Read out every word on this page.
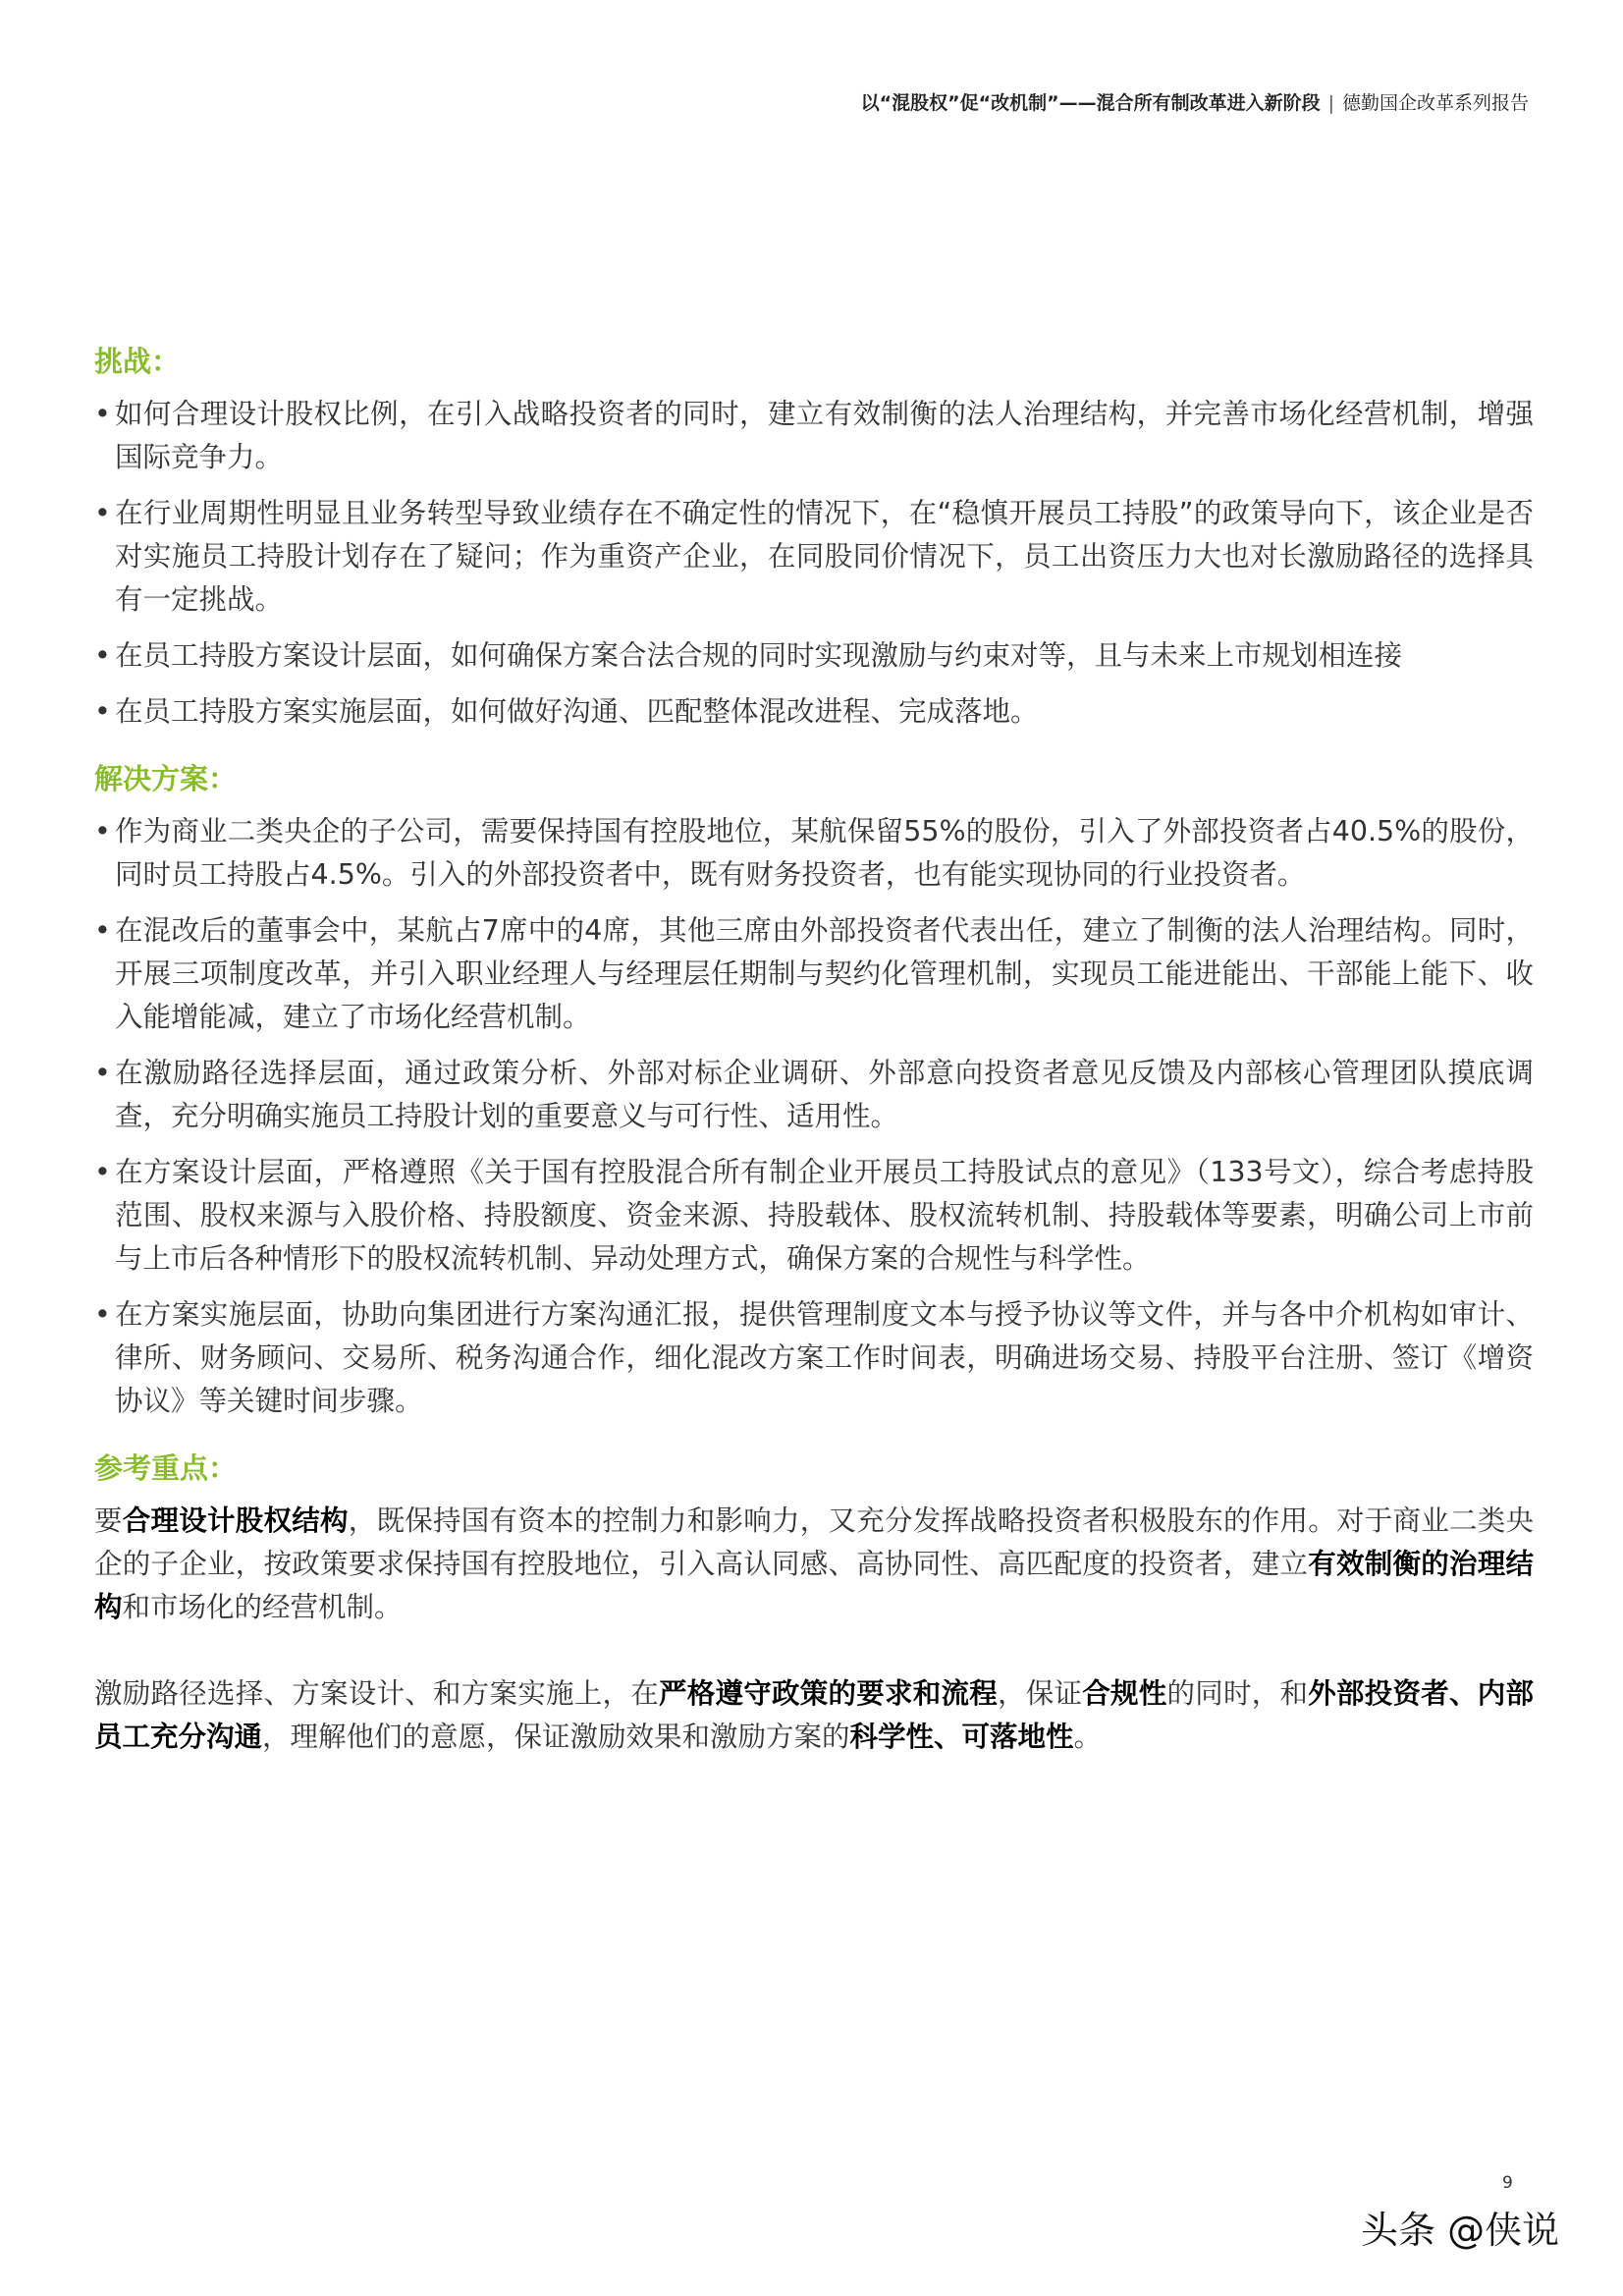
以“混股权”促“改机制”——混合所有制改革进入新阶段 | 德勤国企改革系列报告
挑战：
• 如何合理设计股权比例，在引入战略投资者的同时，建立有效制衡的法人治理结构，并完善市场化经营机制，增强国际竞争力。
• 在行业周期性明显且业务转型导致业绩存在不确定性的情况下，在“稳慎开展员工持股”的政策导向下，该企业是否对实施员工持股计划存在了疑问；作为重资产企业，在同股同价情况下，员工出资压力大也对长激励路径的选择具有一定挑战。
• 在员工持股方案设计层面，如何确保方案合法合规的同时实现激励与约束对等，且与未来上市规划相连接
• 在员工持股方案实施层面，如何做好沟通、匹配整体混改进程、完成落地。
解决方案：
• 作为商业二类央企的子公司，需要保持国有控股地位，某航保留55%的股份，引入了外部投资者占40.5%的股份，同时员工持股占4.5%。引入的外部投资者中，既有财务投资者，也有能实现协同的行业投资者。
• 在混改后的董事会中，某航占7席中的4席，其他三席由外部投资者代表出任，建立了制衡的法人治理结构。同时，开展三项制度改革，并引入职业经理人与经理层任期制与契约化管理机制，实现员工能进能出、干部能上能下、收入能增能减，建立了市场化经营机制。
• 在激励路径选择层面，通过政策分析、外部对标企业调研、外部意向投资者意见反馈及内部核心管理团队摸底调查，充分明确实施员工持股计划的重要意义与可行性、适用性。
• 在方案设计层面，严格遵照《关于国有控股混合所有制企业开展员工持股试点的意见》（133号文），综合考虑持股范围、股权来源与入股价格、持股额度、资金来源、持股载体、股权流转机制、持股载体等要素，明确公司上市前与上市后各种情形下的股权流转机制、异动处理方式，确保方案的合规性与科学性。
• 在方案实施层面，协助向集团进行方案沟通汇报，提供管理制度文本与授予协议等文件，并与各中介机构如审计、律所、财务顾问、交易所、税务沟通合作，细化混改方案工作时间表，明确进场交易、持股平台注册、签订《增资协议》等关键时间步骤。
参考重点：

要合理设计股权结构，既保持国有资本的控制力和影响力，又充分发挥战略投资者积极股东的作用。对于商业二类央企的子企业，按政策要求保持国有控股地位，引入高认同感、高协同性、高匹配度的投资者，建立有效制衡的治理结构和市场化的经营机制。

激励路径选择、方案设计、和方案实施上，在严格遵守政策的要求和流程，保证合规性的同时，和外部投资者、内部员工充分沟通，理解他们的意愿，保证激励效果和激励方案的科学性、可落地性。

9
头条 @侠说
